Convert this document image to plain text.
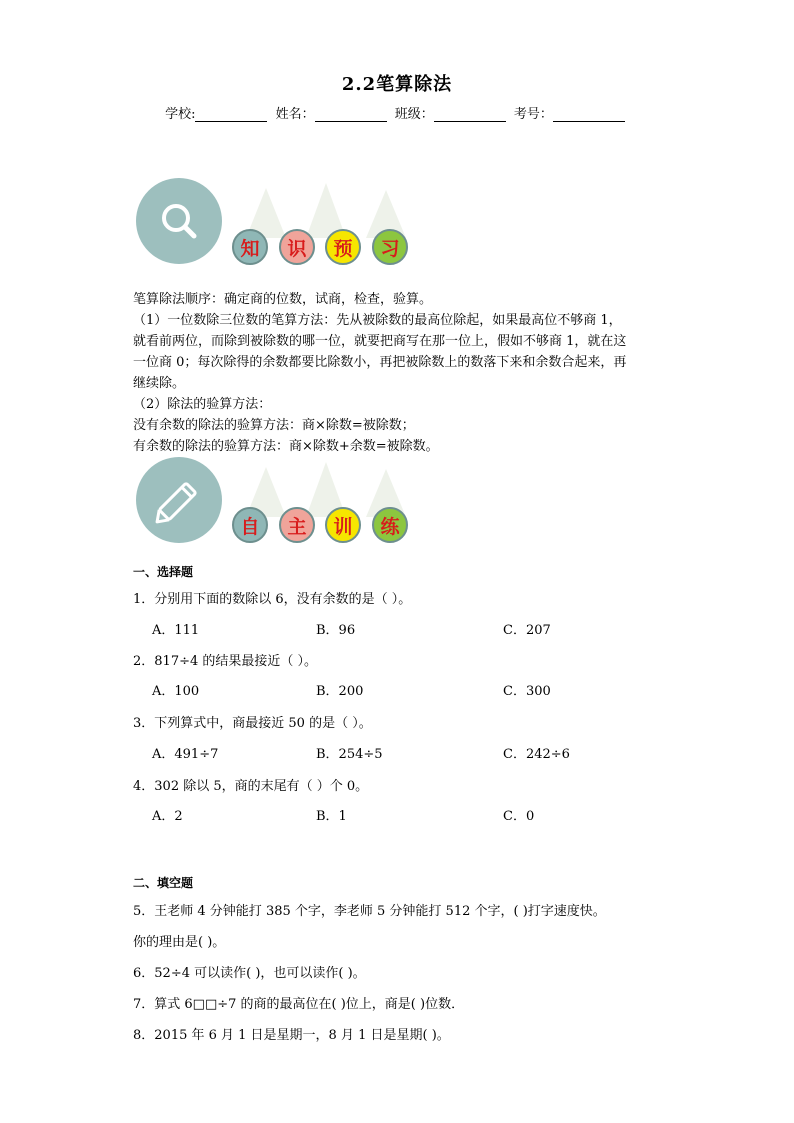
2.2笔算除法
学校:	姓名：	班级：	考号：
知	识	预	习

笔算除法顺序：确定商的位数，试商，检查，验算。

（1）一位数除三位数的笔算方法：先从被除数的最高位除起，如果最高位不够商 1，

就看前两位，而除到被除数的哪一位，就要把商写在那一位上，假如不够商 1，就在这

一位商 0；每次除得的余数都要比除数小，再把被除数上的数落下来和余数合起来，再

继续除。

（2）除法的验算方法：

没有余数的除法的验算方法：商×除数=被除数；

有余数的除法的验算方法：商×除数+余数=被除数。

自	主	训	练
一、选择题
1．分别用下面的数除以 6，没有余数的是（ ）。
A．111	B．96	C．207
2．817÷4 的结果最接近（ ）。
A．100	B．200	C．300
3．下列算式中，商最接近 50 的是（ ）。
A．491÷7	B．254÷5	C．242÷6
4．302 除以 5，商的末尾有（ ）个 0。
A．2	B．1	C．0
二、填空题
5．王老师 4 分钟能打 385 个字，李老师 5 分钟能打 512 个字，( )打字速度快。
你的理由是( )。
6．52÷4 可以读作( )，也可以读作( )。
7．算式 6□□÷7 的商的最高位在( )位上，商是( )位数．
8．2015 年 6 月 1 日是星期一，8 月 1 日是星期( )。
